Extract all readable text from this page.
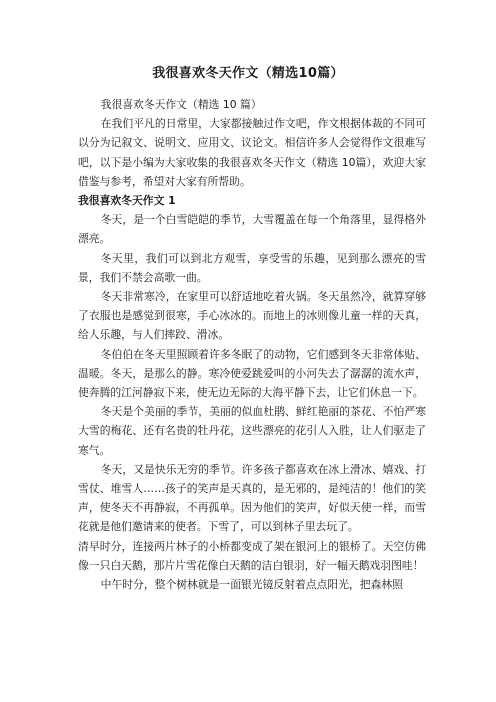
我很喜欢冬天作文（精选10篇）

我很喜欢冬天作文（精选 10 篇）

在我们平凡的日常里，大家都接触过作文吧，作文根据体裁的不同可以分为记叙文、说明文、应用文、议论文。相信许多人会觉得作文很难写吧，以下是小编为大家收集的我很喜欢冬天作文（精选 10篇），欢迎大家借鉴与参考，希望对大家有所帮助。

我很喜欢冬天作文 1

冬天，是一个白雪皑皑的季节，大雪覆盖在每一个角落里，显得格外漂亮。

冬天里，我们可以到北方观雪，享受雪的乐趣，见到那么漂亮的雪景，我们不禁会高歌一曲。

冬天非常寒冷，在家里可以舒适地吃着火锅。冬天虽然冷，就算穿够了衣服也是感觉到很寒，手心冰冰的。而地上的冰则像儿童一样的天真，给人乐趣，与人们摔跤、滑冰。

冬伯伯在冬天里照顾着许多冬眠了的动物，它们感到冬天非常体贴、温暖。冬天，是那么的静。寒冷使爱跳爱叫的小河失去了潺潺的流水声，使奔腾的江河静寂下来，使无边无际的大海平静下去，让它们休息一下。

冬天是个美丽的季节，美丽的似血杜鹃、鲜红艳丽的茶花、不怕严寒大雪的梅花、还有名贵的牡丹花，这些漂亮的花引人入胜，让人们驱走了寒气。

冬天，又是快乐无穷的季节。许多孩子都喜欢在冰上滑冰、嬉戏、打雪仗、堆雪人……孩子的笑声是天真的，是无邪的，是纯洁的！他们的笑声，使冬天不再静寂，不再孤单。因为他们的笑声，好似天使一样，而雪花就是他们邀请来的使者。下雪了，可以到林子里去玩了。

清早时分，连接两片林子的小桥都变成了架在银河上的银桥了。天空仿佛像一只白天鹅，那片片雪花像白天鹅的洁白银羽，好一幅天鹅戏羽图哇！

中午时分，整个树林就是一面银光镜反射着点点阳光，把森林照
